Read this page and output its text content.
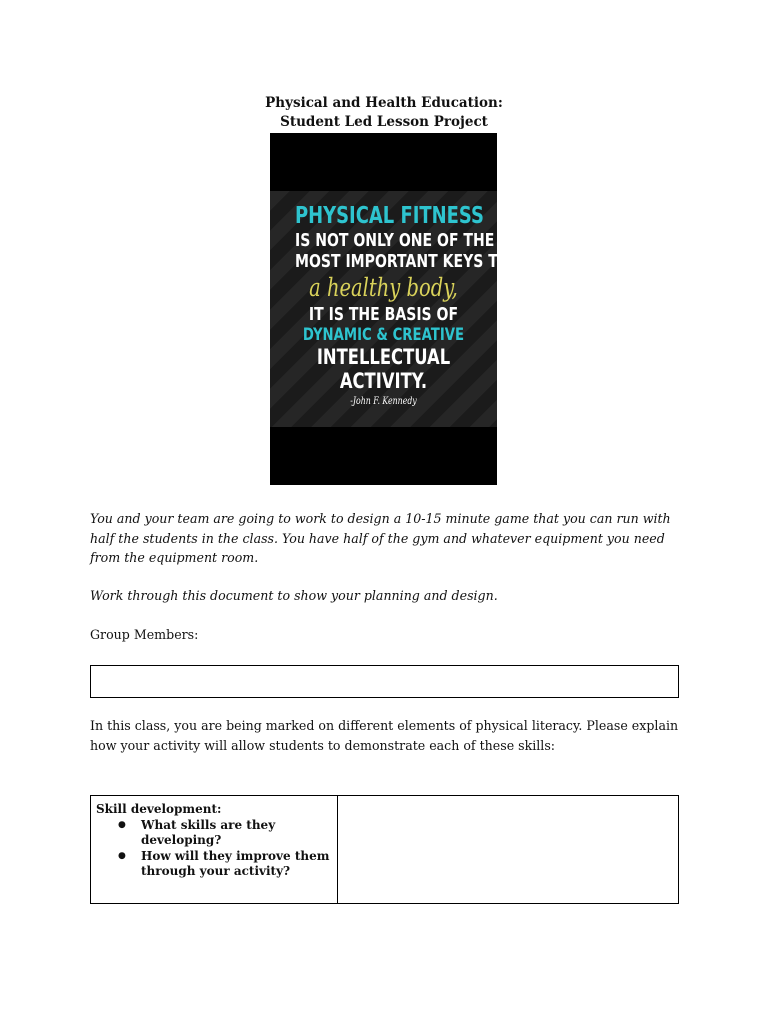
Physical and Health Education:
Student Led Lesson Project
PHYSICAL FITNESS
IS NOT ONLY ONE OF THE
MOST IMPORTANT KEYS TO
a healthy body,
IT IS THE BASIS OF
DYNAMIC & CREATIVE
INTELLECTUAL
ACTIVITY.
-John F. Kennedy
You and your team are going to work to design a 10-15 minute game that you can run with half the students in the class. You have half of the gym and whatever equipment you need from the equipment room.
Work through this document to show your planning and design.
Group Members:
In this class, you are being marked on different elements of physical literacy. Please explain how your activity will allow students to demonstrate each of these skills:
Skill development:
● What skills are they developing?
● How will they improve them through your activity?
